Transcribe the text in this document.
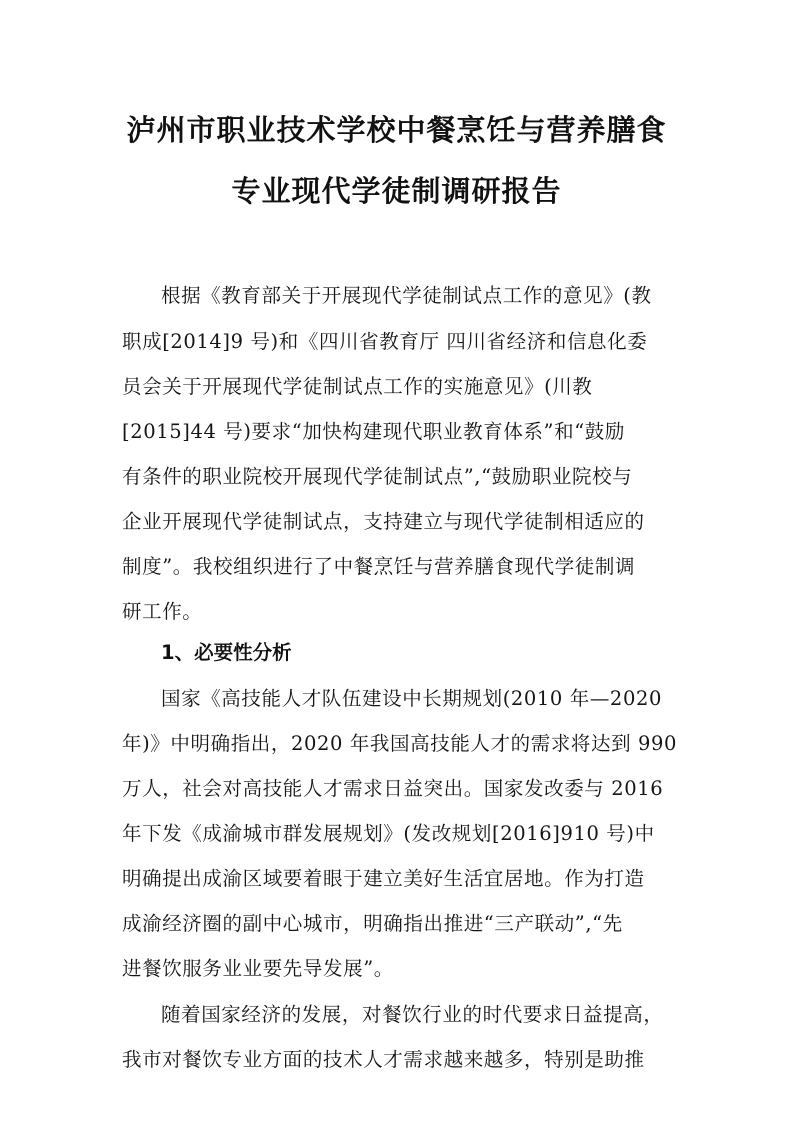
泸州市职业技术学校中餐烹饪与营养膳食
专业现代学徒制调研报告
根据《教育部关于开展现代学徒制试点工作的意见》(教
职成[2014]9 号)和《四川省教育厅 四川省经济和信息化委
员会关于开展现代学徒制试点工作的实施意见》(川教
[2015]44 号)要求“加快构建现代职业教育体系”和“鼓励
有条件的职业院校开展现代学徒制试点”,“鼓励职业院校与
企业开展现代学徒制试点，支持建立与现代学徒制相适应的
制度”。我校组织进行了中餐烹饪与营养膳食现代学徒制调
研工作。
1、必要性分析
国家《高技能人才队伍建设中长期规划(2010 年—2020
年)》中明确指出，2020 年我国高技能人才的需求将达到 990
万人，社会对高技能人才需求日益突出。国家发改委与 2016
年下发《成渝城市群发展规划》(发改规划[2016]910 号)中
明确提出成渝区域要着眼于建立美好生活宜居地。作为打造
成渝经济圈的副中心城市，明确指出推进“三产联动”,“先
进餐饮服务业业要先导发展”。
随着国家经济的发展，对餐饮行业的时代要求日益提高，
我市对餐饮专业方面的技术人才需求越来越多，特别是助推
